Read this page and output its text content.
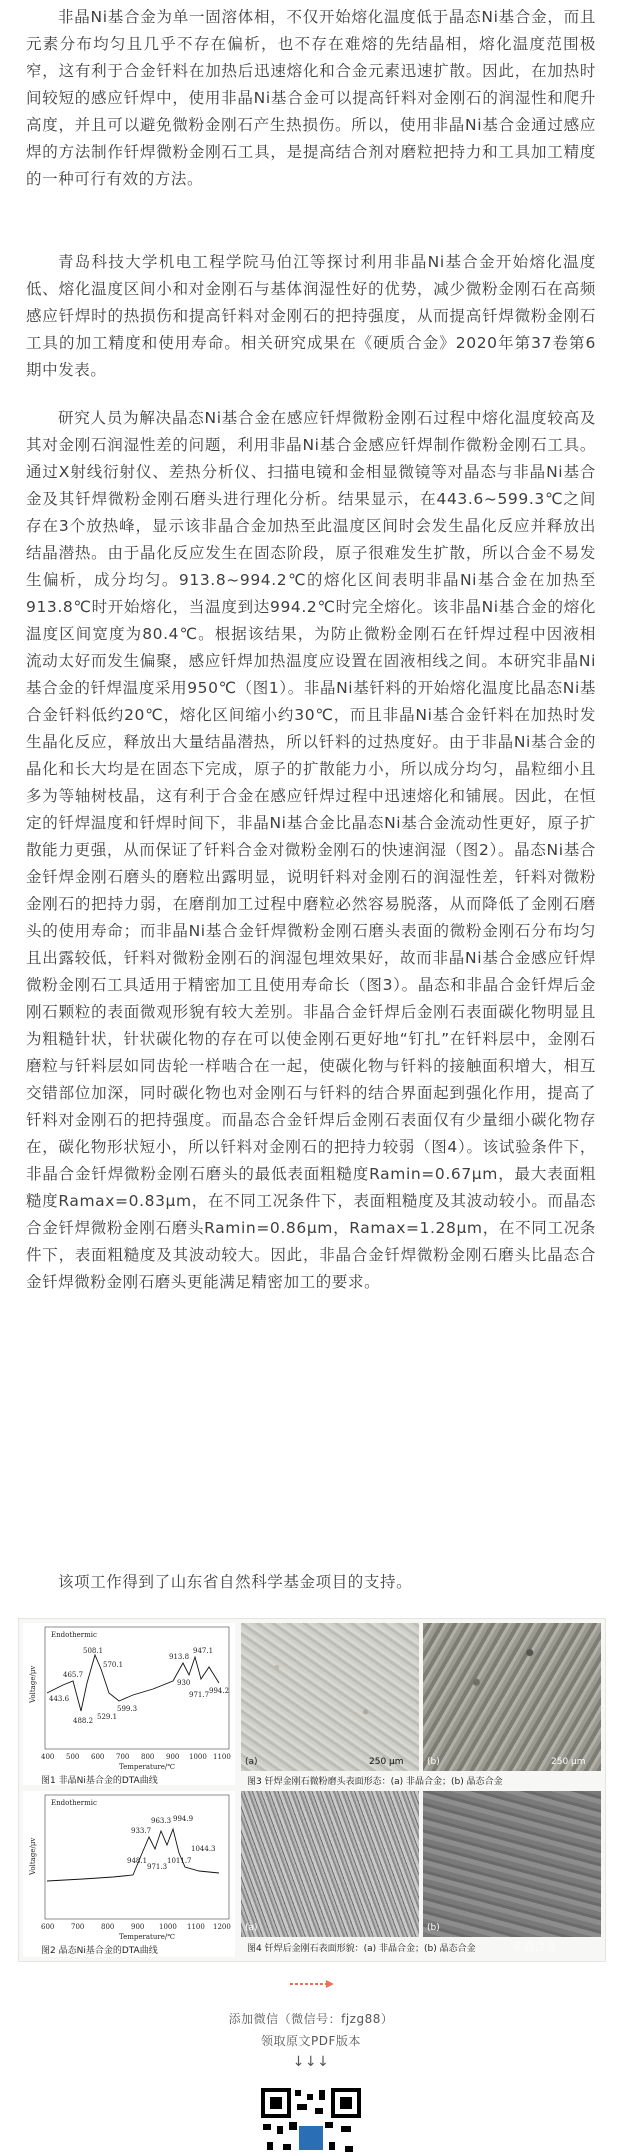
非晶Ni基合金为单一固溶体相，不仅开始熔化温度低于晶态Ni基合金，而且元素分布均匀且几乎不存在偏析，也不存在难熔的先结晶相，熔化温度范围极窄，这有利于合金钎料在加热后迅速熔化和合金元素迅速扩散。因此，在加热时间较短的感应钎焊中，使用非晶Ni基合金可以提高钎料对金刚石的润湿性和爬升高度，并且可以避免微粉金刚石产生热损伤。所以，使用非晶Ni基合金通过感应焊的方法制作钎焊微粉金刚石工具，是提高结合剂对磨粒把持力和工具加工精度的一种可行有效的方法。

青岛科技大学机电工程学院马伯江等探讨利用非晶Ni基合金开始熔化温度低、熔化温度区间小和对金刚石与基体润湿性好的优势，减少微粉金刚石在高频感应钎焊时的热损伤和提高钎料对金刚石的把持强度，从而提高钎焊微粉金刚石工具的加工精度和使用寿命。相关研究成果在《硬质合金》2020年第37卷第6期中发表。

研究人员为解决晶态Ni基合金在感应钎焊微粉金刚石过程中熔化温度较高及其对金刚石润湿性差的问题，利用非晶Ni基合金感应钎焊制作微粉金刚石工具。通过X射线衍射仪、差热分析仪、扫描电镜和金相显微镜等对晶态与非晶Ni基合金及其钎焊微粉金刚石磨头进行理化分析。结果显示，在443.6~599.3℃之间存在3个放热峰，显示该非晶合金加热至此温度区间时会发生晶化反应并释放出结晶潜热。由于晶化反应发生在固态阶段，原子很难发生扩散，所以合金不易发生偏析，成分均匀。913.8~994.2℃的熔化区间表明非晶Ni基合金在加热至913.8℃时开始熔化，当温度到达994.2℃时完全熔化。该非晶Ni基合金的熔化温度区间宽度为80.4℃。根据该结果，为防止微粉金刚石在钎焊过程中因液相流动太好而发生偏聚，感应钎焊加热温度应设置在固液相线之间。本研究非晶Ni基合金的钎焊温度采用950℃（图1）。非晶Ni基钎料的开始熔化温度比晶态Ni基合金钎料低约20℃，熔化区间缩小约30℃，而且非晶Ni基合金钎料在加热时发生晶化反应，释放出大量结晶潜热，所以钎料的过热度好。由于非晶Ni基合金的晶化和长大均是在固态下完成，原子的扩散能力小，所以成分均匀，晶粒细小且多为等轴树枝晶，这有利于合金在感应钎焊过程中迅速熔化和铺展。因此，在恒定的钎焊温度和钎焊时间下，非晶Ni基合金比晶态Ni基合金流动性更好，原子扩散能力更强，从而保证了钎料合金对微粉金刚石的快速润湿（图2）。晶态Ni基合金钎焊金刚石磨头的磨粒出露明显，说明钎料对金刚石的润湿性差，钎料对微粉金刚石的把持力弱，在磨削加工过程中磨粒必然容易脱落，从而降低了金刚石磨头的使用寿命；而非晶Ni基合金钎焊微粉金刚石磨头表面的微粉金刚石分布均匀且出露较低，钎料对微粉金刚石的润湿包埋效果好，故而非晶Ni基合金感应钎焊微粉金刚石工具适用于精密加工且使用寿命长（图3）。晶态和非晶合金钎焊后金刚石颗粒的表面微观形貌有较大差别。非晶合金钎焊后金刚石表面碳化物明显且为粗糙针状，针状碳化物的存在可以使金刚石更好地“钉扎”在钎料层中，金刚石磨粒与钎料层如同齿轮一样啮合在一起，使碳化物与钎料的接触面积增大，相互交错部位加深，同时碳化物也对金刚石与钎料的结合界面起到强化作用，提高了钎料对金刚石的把持强度。而晶态合金钎焊后金刚石表面仅有少量细小碳化物存在，碳化物形状短小，所以钎料对金刚石的把持力较弱（图4）。该试验条件下，非晶合金钎焊微粉金刚石磨头的最低表面粗糙度Ramin=0.67μm，最大表面粗糙度Ramax=0.83μm，在不同工况条件下，表面粗糙度及其波动较小。而晶态合金钎焊微粉金刚石磨头Ramin=0.86μm，Ramax=1.28μm，在不同工况条件下，表面粗糙度及其波动较大。因此，非晶合金钎焊微粉金刚石磨头比晶态合金钎焊微粉金刚石磨头更能满足精密加工的要求。

该项工作得到了山东省自然科学基金项目的支持。

Endothermic
508.1
465.7
570.1
443.6
488.2 529.1
599.3
913.8
947.1
930
971.7 994.2
400 500 600 700 800 900 1000 1100
Temperature/℃
Voltage/μv
图1 非晶Ni基合金的DTA曲线
Endothermic
933.7
963.3 994.9
948.1
971.3
1011.7
1044.3
600 700 800 900 1000 1100 1200
Temperature/℃
Voltage/μv
图2 晶态Ni基合金的DTA曲线
(a)	250 μm	(b)	250 μm
图3 钎焊金刚石微粉磨头表面形态：(a) 非晶合金；(b) 晶态合金
(a)	(b)
图4 钎焊后金刚石表面形貌：(a) 非晶合金；(b) 晶态合金	非晶合金
添加微信（微信号：fjzg88）
领取原文PDF版本
↓↓↓
